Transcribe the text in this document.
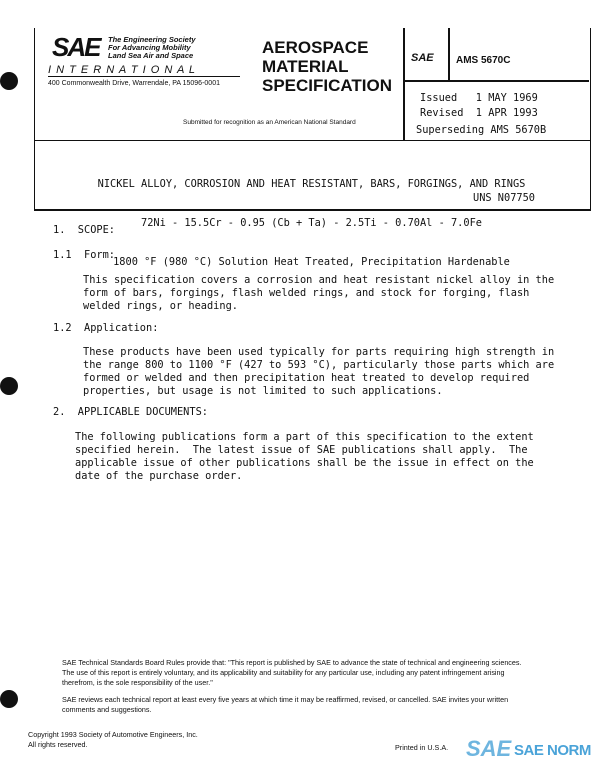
SAE The Engineering Society
For Advancing Mobility
Land Sea Air and Space
I N T E R N A T I O N A L
400 Commonwealth Drive, Warrendale, PA 15096-0001
AEROSPACE
MATERIAL
SPECIFICATION
Submitted for recognition as an American National Standard
SAE AMS 5670C
Issued   1 MAY 1969
Revised  1 APR 1993
Superseding AMS 5670B

NICKEL ALLOY, CORROSION AND HEAT RESISTANT, BARS, FORGINGS, AND RINGS

72Ni - 15.5Cr - 0.95 (Cb + Ta) - 2.5Ti - 0.70Al - 7.0Fe

1800 °F (980 °C) Solution Heat Treated, Precipitation Hardenable

UNS N07750
1.  SCOPE:
1.1  Form:
This specification covers a corrosion and heat resistant nickel alloy in the
form of bars, forgings, flash welded rings, and stock for forging, flash
welded rings, or heading.
1.2  Application:
These products have been used typically for parts requiring high strength in
the range 800 to 1100 °F (427 to 593 °C), particularly those parts which are
formed or welded and then precipitation heat treated to develop required
properties, but usage is not limited to such applications.
2.  APPLICABLE DOCUMENTS:
The following publications form a part of this specification to the extent
specified herein.  The latest issue of SAE publications shall apply.  The
applicable issue of other publications shall be the issue in effect on the
date of the purchase order.
SAE Technical Standards Board Rules provide that: "This report is published by SAE to advance the state of technical and engineering sciences. The use of this report is entirely voluntary, and its applicability and suitability for any particular use, including any patent infringement arising therefrom, is the sole responsibility of the user."
SAE reviews each technical report at least every five years at which time it may be reaffirmed, revised, or cancelled. SAE invites your written comments and suggestions.
Copyright 1993 Society of Automotive Engineers, Inc.
All rights reserved.	Printed in U.S.A. SAE SAE NORM
